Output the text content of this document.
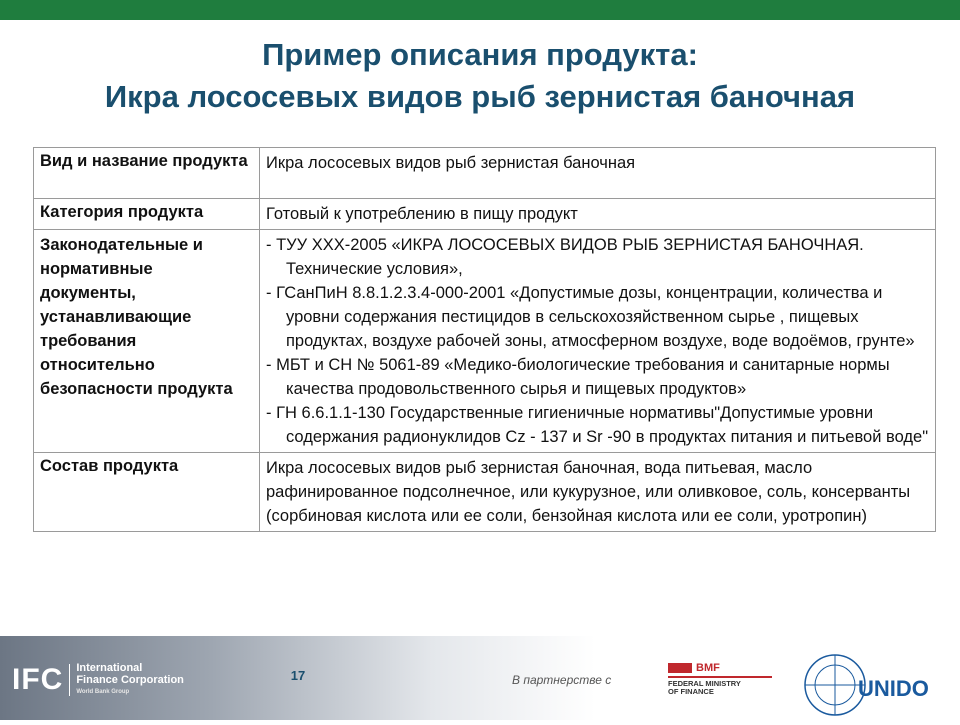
Пример описания продукта:
Икра лососевых видов рыб зернистая баночная
Вид и название продукта	Икра лососевых видов рыб зернистая баночная
Категория продукта	Готовый к употреблению в пищу продукт
Законодательные и нормативные документы, устанавливающие требования относительно безопасности продукта	- ТУУ ХХХ-2005 «ИКРА ЛОСОСЕВЫХ ВИДОВ РЫБ ЗЕРНИСТАЯ БАНОЧНАЯ. Технические условия»,
- ГСанПиН 8.8.1.2.3.4-000-2001 «Допустимые дозы, концентрации, количества и уровни содержания пестицидов в сельскохозяйственном сырье , пищевых продуктах, воздухе рабочей зоны, атмосферном воздухе, воде водоёмов, грунте»
- МБТ и СН № 5061-89 «Медико-биологические требования и санитарные нормы качества продовольственного сырья и пищевых продуктов»
- ГН 6.6.1.1-130 Государственные гигиеничные нормативы"Допустимые уровни содержания радионуклидов Cz - 137 и Sr -90 в продуктах питания и питьевой воде"

Состав продукта	Икра лососевых видов рыб зернистая баночная, вода питьевая, масло рафинированное подсолнечное, или кукурузное, или оливковое, соль, консерванты (сорбиновая кислота или ее соли, бензойная кислота или ее соли, уротропин)
IFC International
Finance Corporation
World Bank Group
17	В партнерстве с
BMF
FEDERAL MINISTRY
OF FINANCE	UNIDO
